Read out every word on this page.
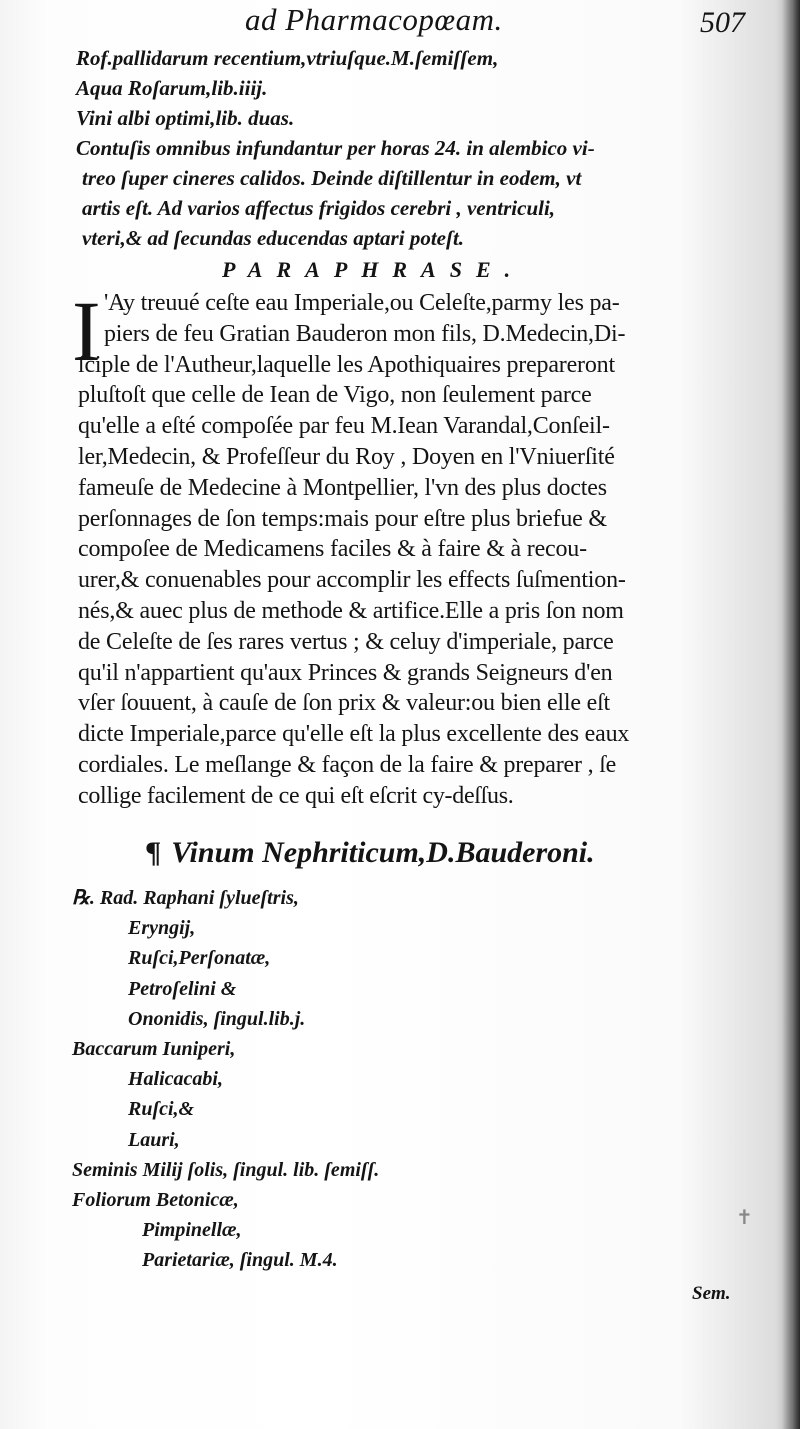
ad Pharmacopœam.	507
Rof.pallidarum recentium,vtriuſque.M.ſemiſſem,
Aqua Roſarum,lib.iiij.
Vini albi optimi,lib. duas.
Contuſis omnibus infundantur per horas 24. in alembico vi-
treo ſuper cineres calidos. Deinde diſtillentur in eodem, vt
artis eſt. Ad varios affectus frigidos cerebri , ventriculi,
vteri,& ad ſecundas educendas aptari poteſt.
PARAPHRASE.
I 'Ay treuué ceſte eau Imperiale,ou Celeſte,parmy les pa-
piers de feu Gratian Bauderon mon fils, D.Medecin,Di-
ſciple de l'Autheur,laquelle les Apothiquaires prepareront
pluſtoſt que celle de Iean de Vigo, non ſeulement parce
qu'elle a eſté compoſée par feu M.Iean Varandal,Conſeil-
ler,Medecin, & Profeſſeur du Roy , Doyen en l'Vniuerſité
fameuſe de Medecine à Montpellier, l'vn des plus doctes
perſonnages de ſon temps:mais pour eſtre plus briefue &
compoſee de Medicamens faciles & à faire & à recou-
urer,& conuenables pour accomplir les effects ſuſmention-
nés,& auec plus de methode & artifice.Elle a pris ſon nom
de Celeſte de ſes rares vertus ; & celuy d'imperiale, parce
qu'il n'appartient qu'aux Princes & grands Seigneurs d'en
vſer ſouuent, à cauſe de ſon prix & valeur:ou bien elle eſt
dicte Imperiale,parce qu'elle eſt la plus excellente des eaux
cordiales. Le meſlange & façon de la faire & preparer , ſe
collige facilement de ce qui eſt eſcrit cy-deſſus.
¶ Vinum Nephriticum,D.Bauderoni.
℞. Rad. Raphani ſylueſtris,
Eryngij,
Ruſci,Perſonatæ,
Petroſelini &
Ononidis, ſingul.lib.j.
Baccarum Iuniperi,
Halicacabi,
Ruſci,&
Lauri,
Seminis Milij ſolis, ſingul. lib. ſemiſſ.
Foliorum Betonicæ,
Pimpinellæ,
Parietariæ, ſingul. M.4.
✝
Sem.
